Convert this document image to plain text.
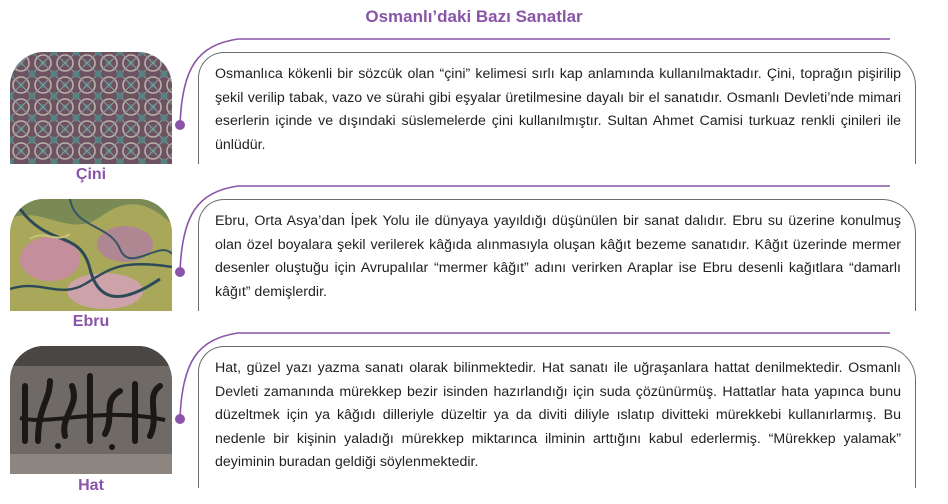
Osmanlı’daki Bazı Sanatlar
Çini
Osmanlıca kökenli bir sözcük olan “çini” kelimesi sırlı kap anlamında kullanılmaktadır. Çini, toprağın pişirilip şekil verilip tabak, vazo ve sürahi gibi eşyalar üretilmesine dayalı bir el sanatıdır. Osmanlı Devleti’nde mimari eserlerin içinde ve dışındaki süslemelerde çini kullanılmıştır. Sultan Ahmet Camisi turkuaz renkli çinileri ile ünlüdür.
Ebru
Ebru, Orta Asya’dan İpek Yolu ile dünyaya yayıldığı düşünülen bir sanat dalıdır. Ebru su üzerine konulmuş olan özel boyalara şekil verilerek kâğıda alınmasıyla oluşan kâğıt bezeme sanatıdır. Kâğıt üzerinde mermer desenler oluştuğu için Avrupalılar “mermer kâğıt” adını verirken Araplar ise Ebru desenli kağıtlara “damarlı kâğıt” demişlerdir.
Hat
Hat, güzel yazı yazma sanatı olarak bilinmektedir. Hat sanatı ile uğraşanlara hattat denilmektedir. Osmanlı Devleti zamanında mürekkep bezir isinden hazırlandığı için suda çözünürmüş. Hattatlar hata yapınca bunu düzeltmek için ya kâğıdı dilleriyle düzeltir ya da diviti diliyle ıslatıp divitteki mürekkebi kullanırlarmış. Bu nedenle bir kişinin yaladığı mürekkep miktarınca ilminin arttığını kabul ederlermiş. “Mürekkep yalamak” deyiminin buradan geldiği söylenmektedir.
